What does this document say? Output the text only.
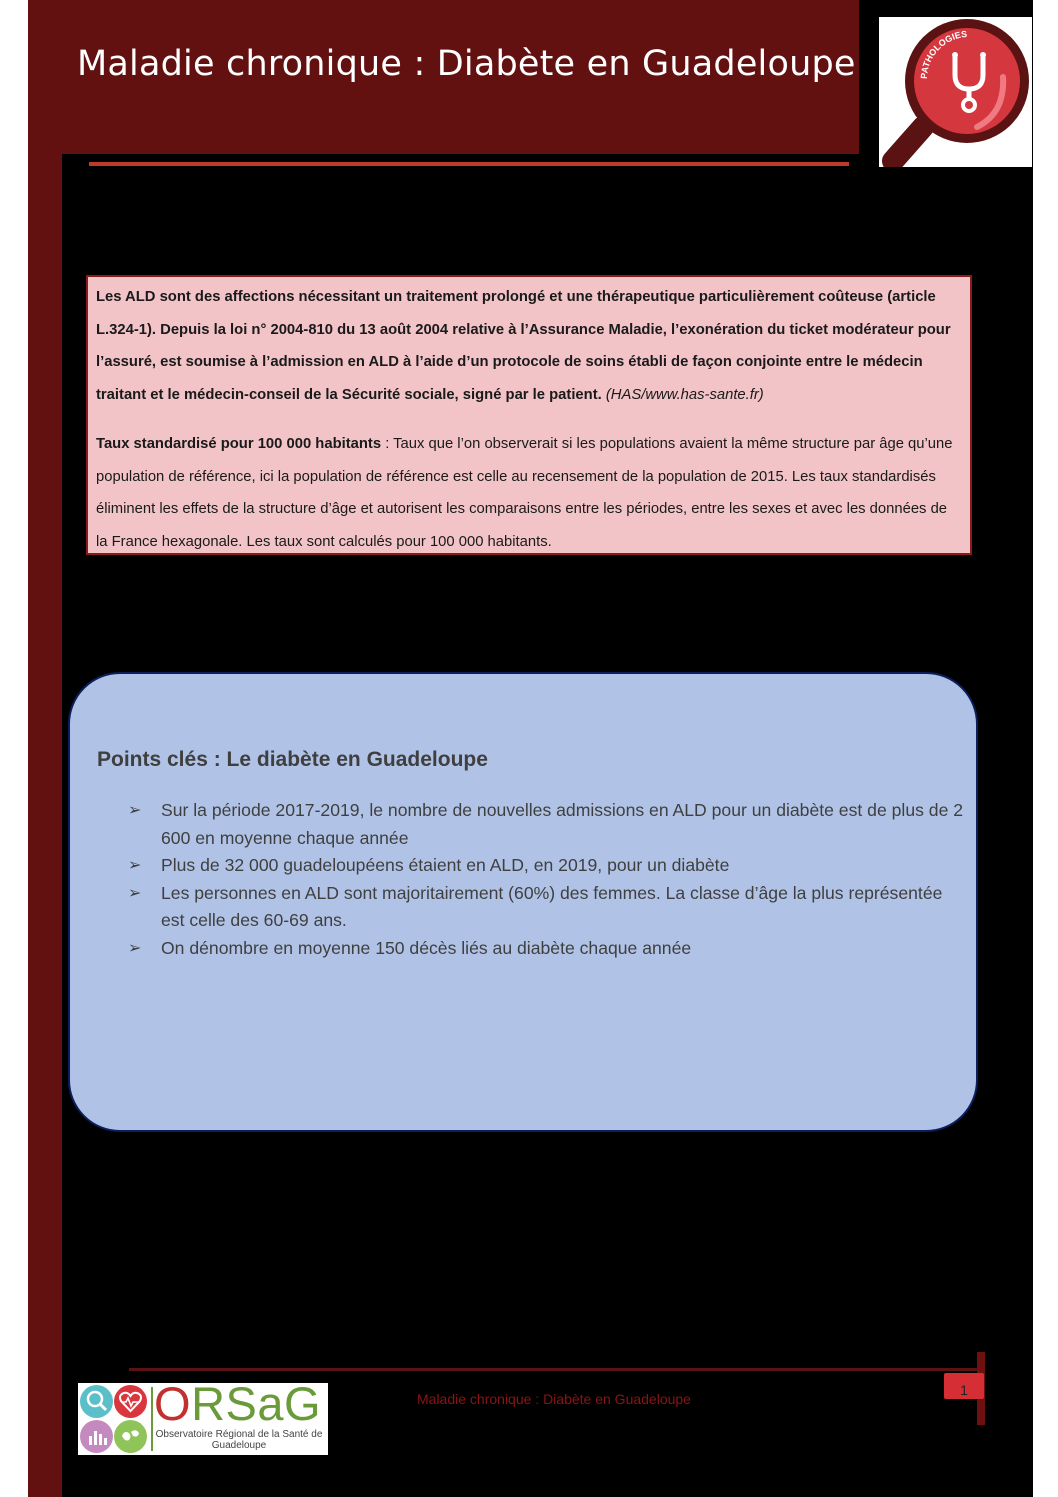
Maladie chronique : Diabète en Guadeloupe	PATHOLOGIES

Les ALD sont des affections nécessitant un traitement prolongé et une thérapeutique particulièrement coûteuse (article L.324-1). Depuis la loi n° 2004-810 du 13 août 2004 relative à l’Assurance Maladie, l’exonération du ticket modérateur pour l’assuré, est soumise à l’admission en ALD à l’aide d’un protocole de soins établi de façon conjointe entre le médecin traitant et le médecin-conseil de la Sécurité sociale, signé par le patient. (HAS/www.has-sante.fr)

Taux standardisé pour 100 000 habitants : Taux que l’on observerait si les populations avaient la même structure par âge qu’une population de référence, ici la population de référence est celle au recensement de la population de 2015. Les taux standardisés éliminent les effets de la structure d’âge et autorisent les comparaisons entre les périodes, entre les sexes et avec les données de la France hexagonale. Les taux sont calculés pour 100 000 habitants.

Points clés : Le diabète en Guadeloupe
➢ Sur la période 2017-2019, le nombre de nouvelles admissions en ALD pour un diabète est de plus de 2 600 en moyenne chaque année
➢ Plus de 32 000 guadeloupéens étaient en ALD, en 2019, pour un diabète
➢ Les personnes en ALD sont majoritairement (60%) des femmes. La classe d’âge la plus représentée est celle des 60-69 ans.
➢ On dénombre en moyenne 150 décès liés au diabète chaque année
1

Maladie chronique : Diabète en Guadeloupe

ORSaG
Observatoire Régional de la Santé de Guadeloupe
